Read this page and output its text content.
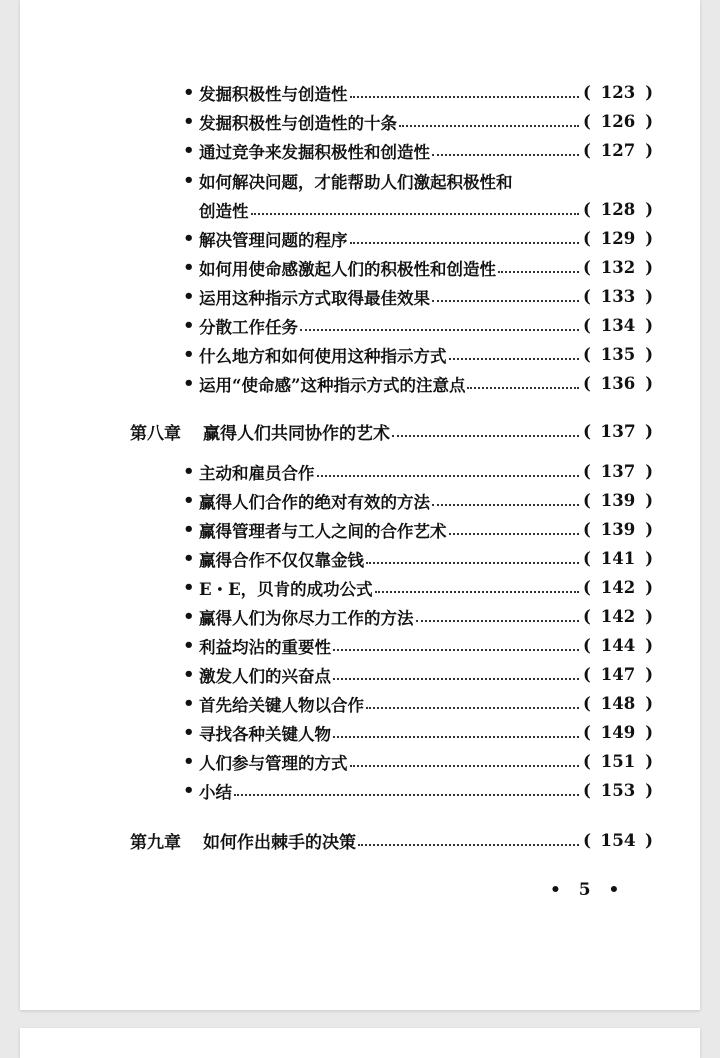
• 发掘积极性与创造性	( 123 )
• 发掘积极性与创造性的十条	( 126 )
• 通过竞争来发掘积极性和创造性	( 127 )
• 如何解决问题，才能帮助人们激起积极性和
创造性	( 128 )
• 解决管理问题的程序	( 129 )
• 如何用使命感激起人们的积极性和创造性	( 132 )
• 运用这种指示方式取得最佳效果	( 133 )
• 分散工作任务	( 134 )
• 什么地方和如何使用这种指示方式	( 135 )
• 运用“使命感”这种指示方式的注意点	( 136 )
第八章 赢得人们共同协作的艺术	( 137 )
• 主动和雇员合作	( 137 )
• 赢得人们合作的绝对有效的方法	( 139 )
• 赢得管理者与工人之间的合作艺术	( 139 )
• 赢得合作不仅仅靠金钱	( 141 )
• E・E，贝肯的成功公式	( 142 )
• 赢得人们为你尽力工作的方法	( 142 )
• 利益均沾的重要性	( 144 )
• 激发人们的兴奋点	( 147 )
• 首先给关键人物以合作	( 148 )
• 寻找各种关键人物	( 149 )
• 人们参与管理的方式	( 151 )
• 小结	( 153 )
第九章 如何作出棘手的决策	( 154 )
• 5 •
